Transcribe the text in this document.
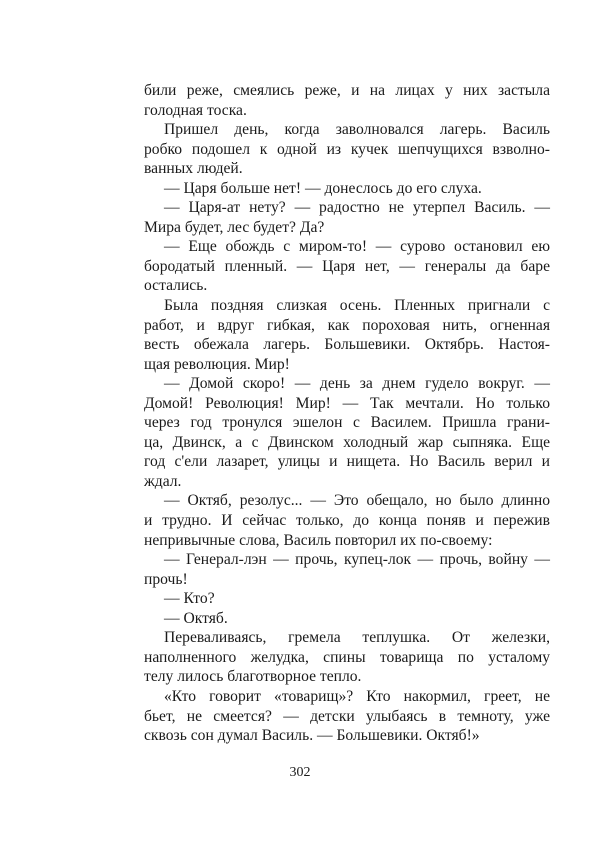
били реже, смеялись реже, и на лицах у них застыла
голодная тоска.
Пришел день, когда заволновался лагерь. Василь
робко подошел к одной из кучек шепчущихся взволно-
ванных людей.
— Царя больше нет! — донеслось до его слуха.
— Царя-ат нету? — радостно не утерпел Василь. —
Мира будет, лес будет? Да?
— Еще обождь с миром-то! — сурово остановил ею
бородатый пленный. — Царя нет, — генералы да баре
остались.
Была поздняя слизкая осень. Пленных пригнали с
работ, и вдруг гибкая, как пороховая нить, огненная
весть обежала лагерь. Большевики. Октябрь. Настоя-
щая революция. Мир!
— Домой скоро! — день за днем гудело вокруг. —
Домой! Революция! Мир! — Так мечтали. Но только
через год тронулся эшелон с Василем. Пришла грани-
ца, Двинск, а с Двинском холодный жар сыпняка. Еще
год с'ели лазарет, улицы и нищета. Но Василь верил и
ждал.
— Октяб, резолус... — Это обещало, но было длинно
и трудно. И сейчас только, до конца поняв и пережив
непривычные слова, Василь повторил их по-своему:
— Генерал-лэн — прочь, купец-лок — прочь, войну —
прочь!
— Кто?
— Октяб.
Переваливаясь, гремела теплушка. От железки,
наполненного желудка, спины товарища по усталому
телу лилось благотворное тепло.
«Кто говорит «товарищ»? Кто накормил, греет, не
бьет, не смеется? — детски улыбаясь в темноту, уже
сквозь сон думал Василь. — Большевики. Октяб!»
302
